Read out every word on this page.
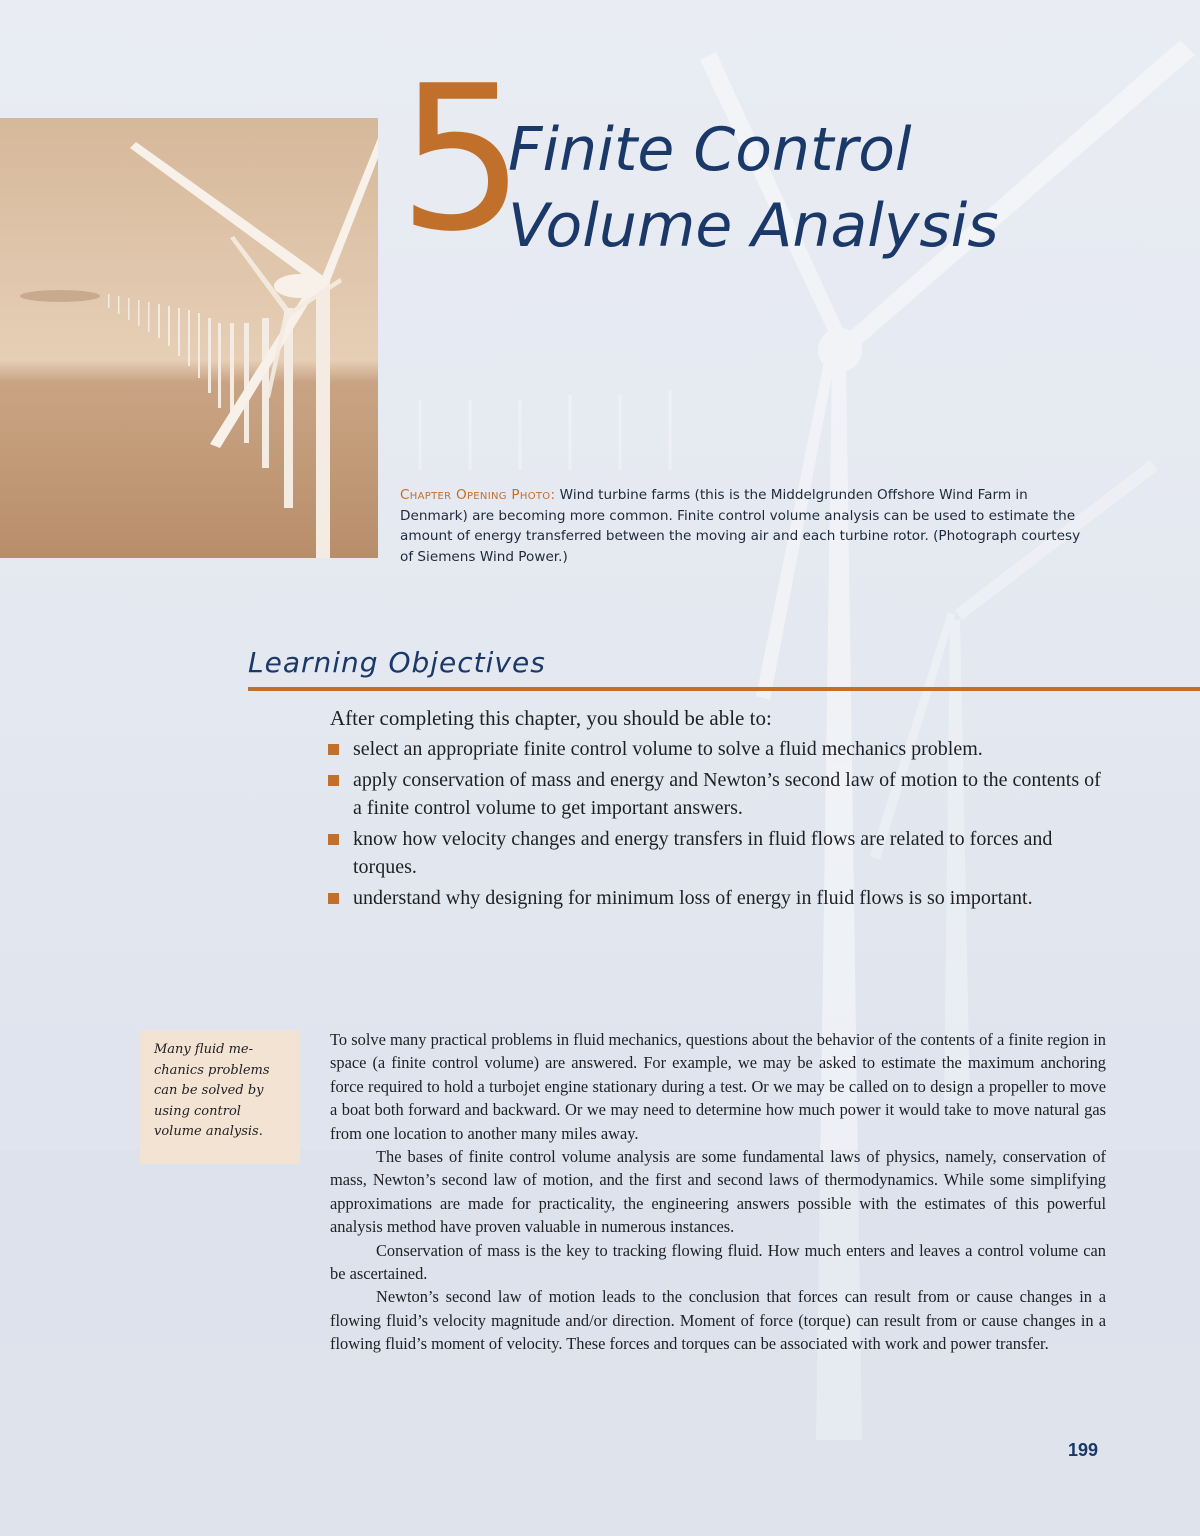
5
Finite Control
Volume Analysis

Chapter Opening Photo: Wind turbine farms (this is the Middelgrunden Offshore Wind Farm in Denmark) are becoming more common. Finite control volume analysis can be used to estimate the amount of energy transferred between the moving air and each turbine rotor. (Photograph courtesy of Siemens Wind Power.)

Learning Objectives

After completing this chapter, you should be able to:

select an appropriate finite control volume to solve a fluid mechanics problem.
apply conservation of mass and energy and Newton’s second law of motion to the contents of a finite control volume to get important answers.
know how velocity changes and energy transfers in fluid flows are related to forces and torques.
understand why designing for minimum loss of energy in fluid flows is so important.

Many fluid me-chanics problems can be solved by using control volume analysis.

To solve many practical problems in fluid mechanics, questions about the behavior of the contents of a finite region in space (a finite control volume) are answered. For example, we may be asked to estimate the maximum anchoring force required to hold a turbojet engine stationary during a test. Or we may be called on to design a propeller to move a boat both forward and backward. Or we may need to determine how much power it would take to move natural gas from one location to another many miles away.

The bases of finite control volume analysis are some fundamental laws of physics, namely, conservation of mass, Newton’s second law of motion, and the first and second laws of thermodynamics. While some simplifying approximations are made for practicality, the engineering answers possible with the estimates of this powerful analysis method have proven valuable in numerous instances.

Conservation of mass is the key to tracking flowing fluid. How much enters and leaves a control volume can be ascertained.

Newton’s second law of motion leads to the conclusion that forces can result from or cause changes in a flowing fluid’s velocity magnitude and/or direction. Moment of force (torque) can result from or cause changes in a flowing fluid’s moment of velocity. These forces and torques can be associated with work and power transfer.

199
